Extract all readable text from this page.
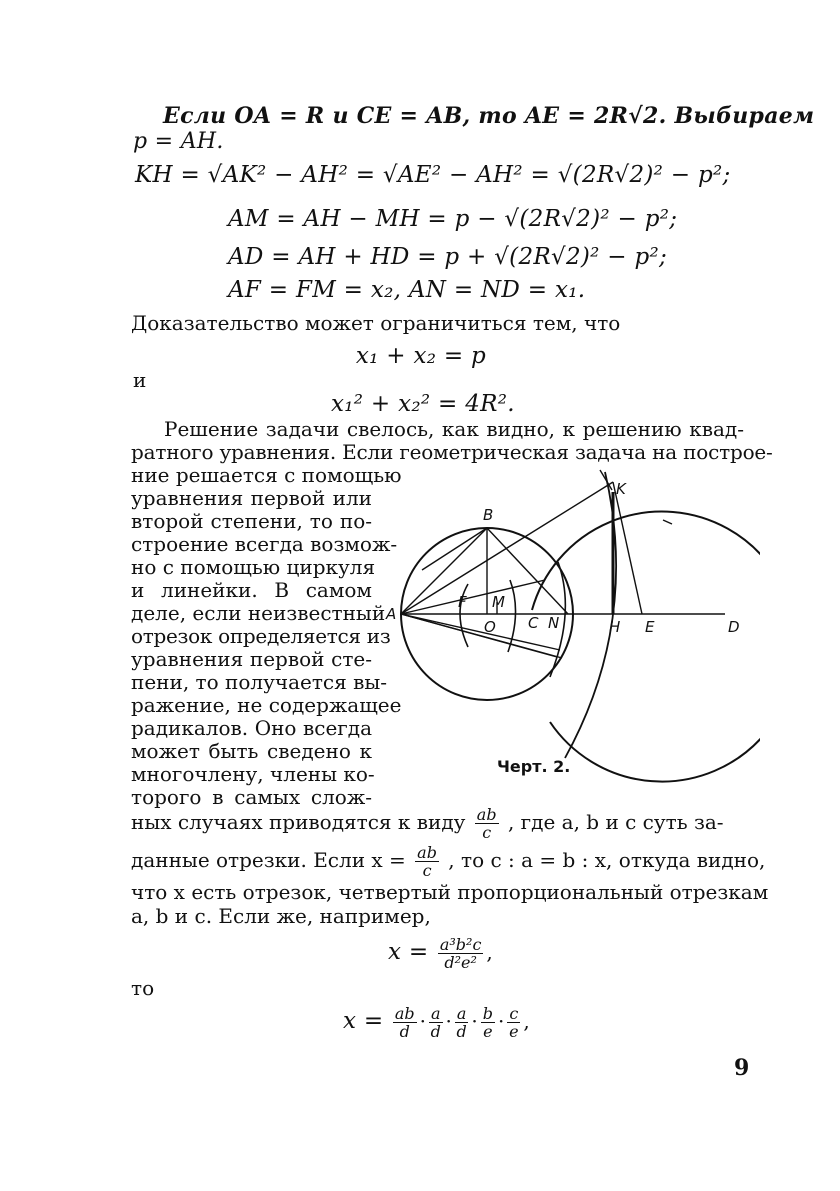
Если OA = R и CE = AB, то AE = 2R√2. Выбираем
p = AH.
KH = √AK² − AH² = √AE² − AH² = √(2R√2)² − p²;
AM = AH − MH = p − √(2R√2)² − p²;
AD = AH + HD = p + √(2R√2)² − p²;
AF = FM = x₂, AN = ND = x₁.
Доказательство может ограничиться тем, что
x₁ + x₂ = p
и
x₁² + x₂² = 4R².
Решение задачи свелось, как видно, к решению квад-
ратного уравнения. Если геометрическая задача на построе-
ние решается с помощью
уравнения первой или
второй степени, то по-
строение всегда возмож-
но с помощью циркуля
и линейки. В самом
деле, если неизвестный
отрезок определяется из
уравнения первой сте-
пени, то получается вы-
ражение, не содержащее
радикалов. Оно всегда
может быть сведено к
многочлену, члены ко-
торого в самых слож-
A
B
F M
O C N	H E	D
K
Черт. 2.
ных случаях приводятся к виду $\frac{ab}{c}$ , где a, b и c суть за-
данные отрезки. Если $x = \frac{ab}{c}$ , то c : a = b : x, откуда видно,
что x есть отрезок, четвертый пропорциональный отрезкам
a, b и c. Если же, например,
$x = \frac{\text{a³b²c}}{\text{d²e²}}$ ,
то
$x = \frac{ab}{d} \cdot \frac{a}{d} \cdot \frac{a}{d} \cdot \frac{b}{e} \cdot \frac{c}{e}$ ,
9
